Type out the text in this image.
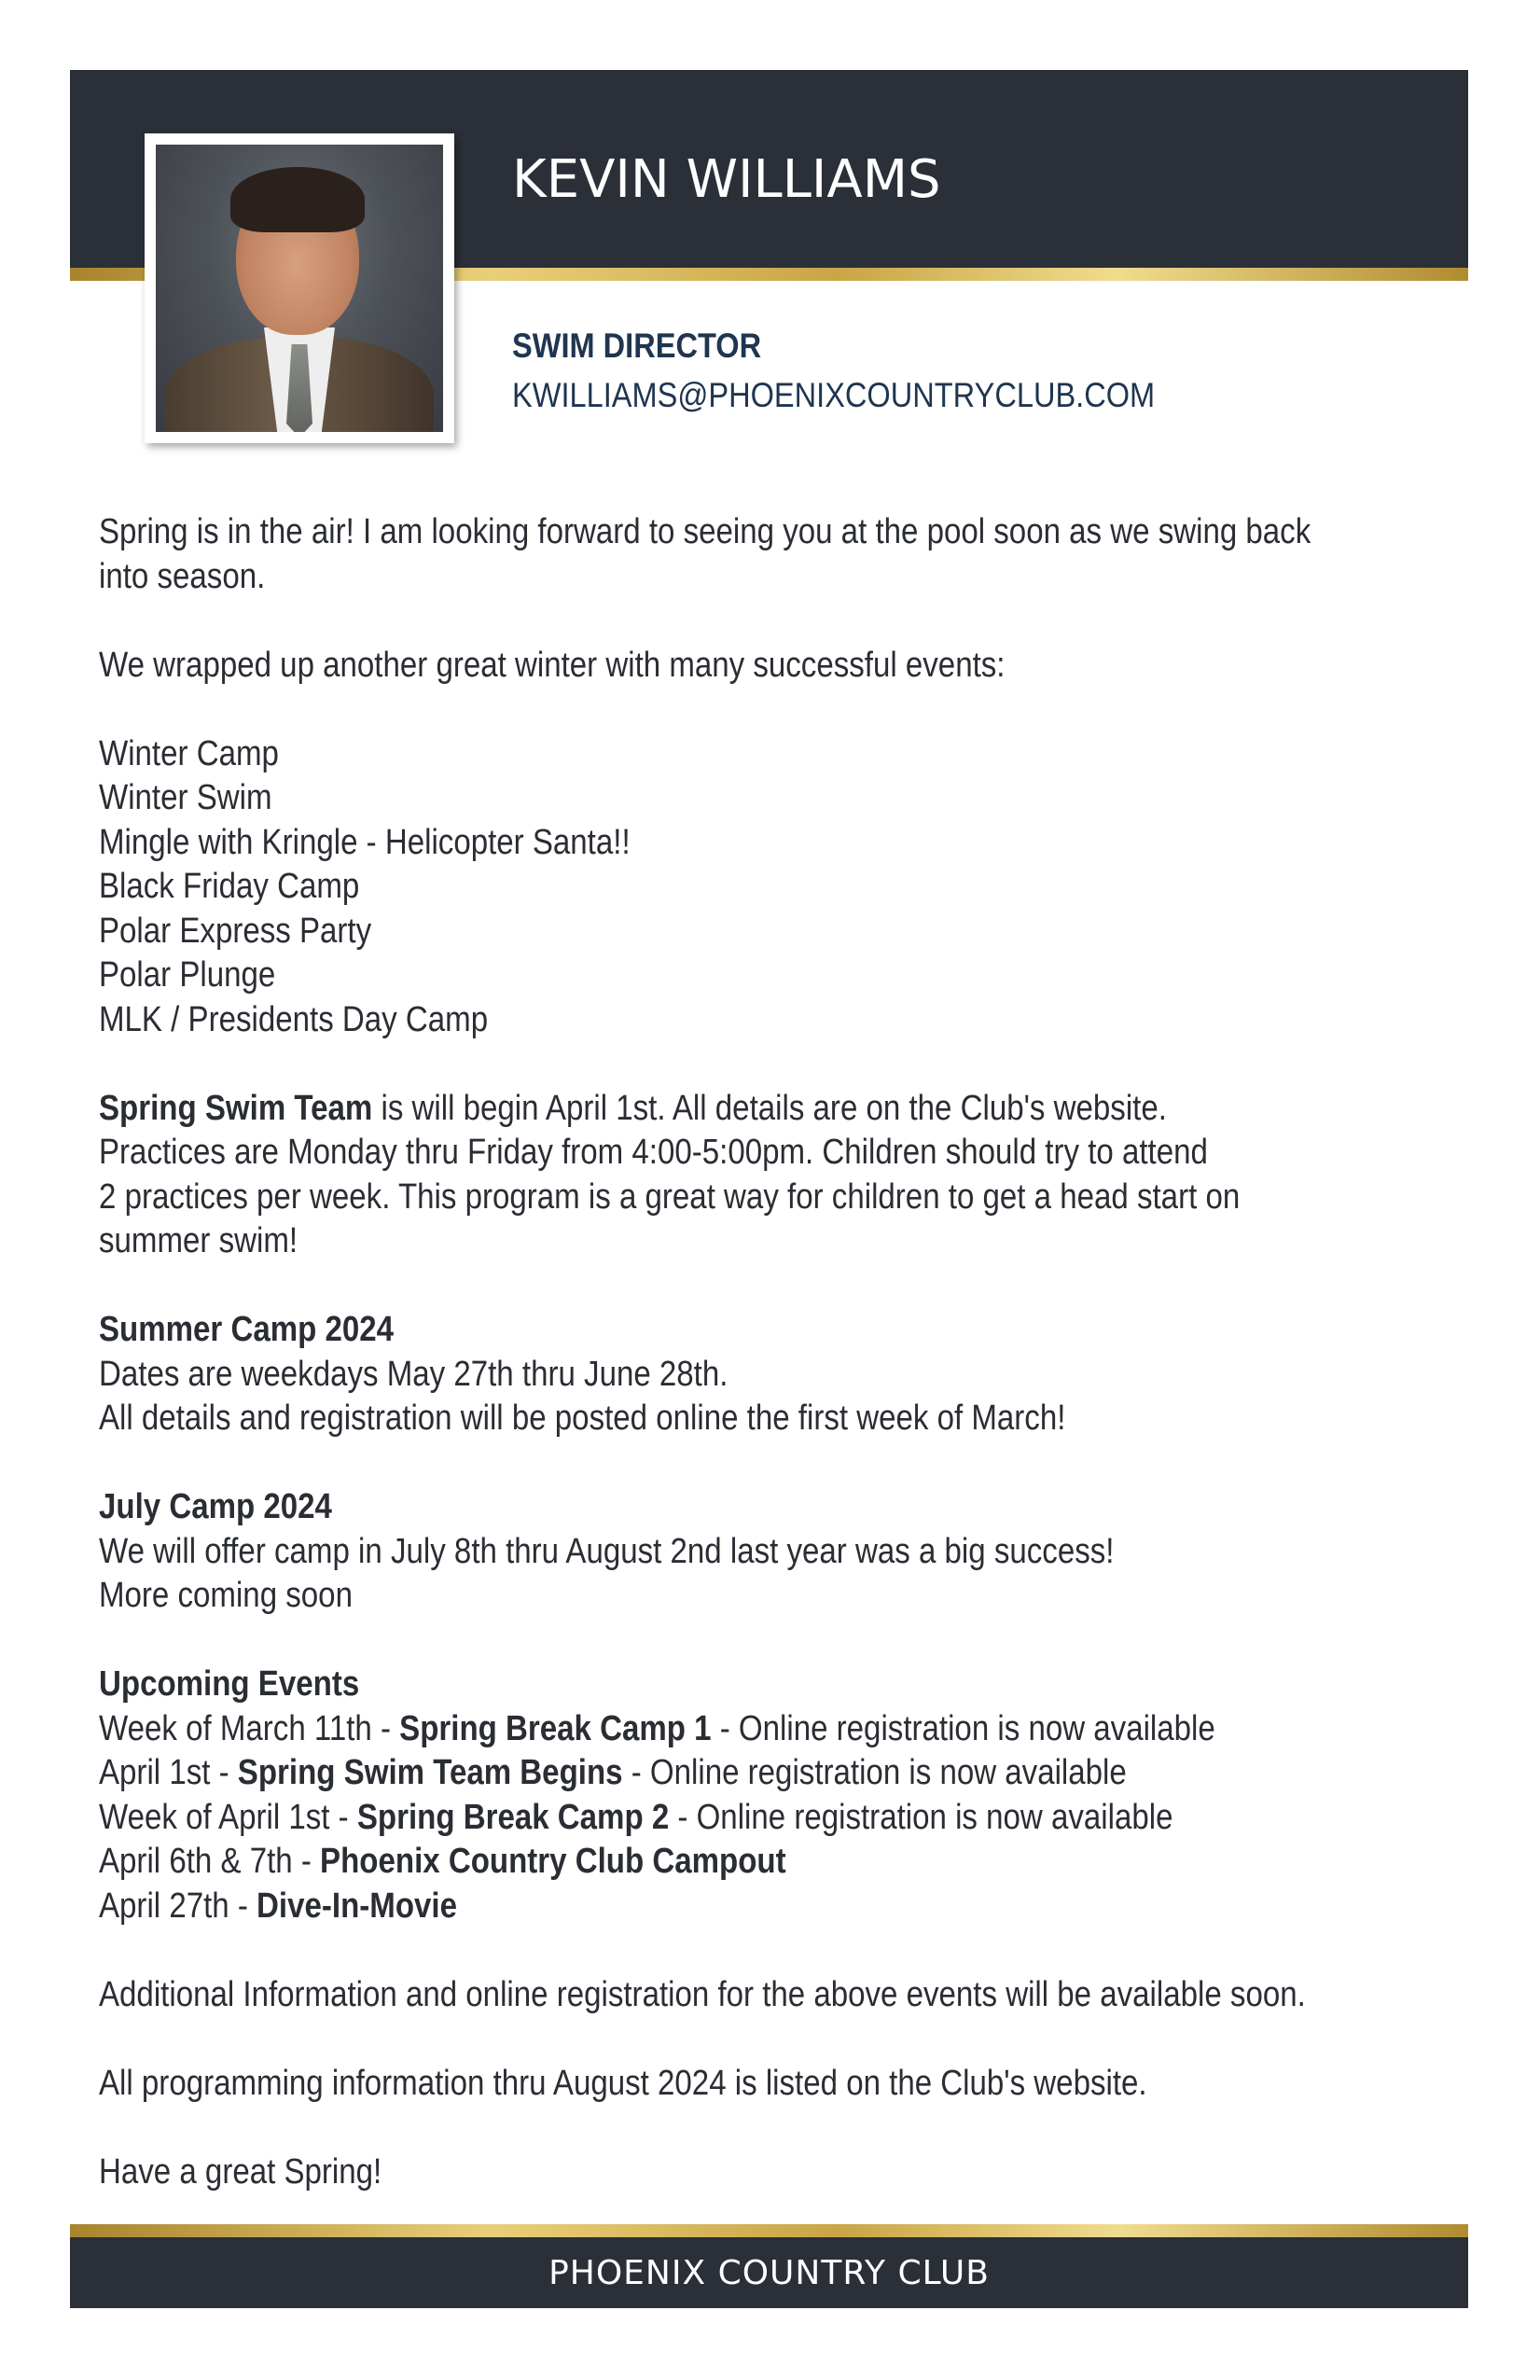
KEVIN WILLIAMS
SWIM DIRECTOR
KWILLIAMS@PHOENIXCOUNTRYCLUB.COM

Spring is in the air! I am looking forward to seeing you at the pool soon as we swing back

into season.

We wrapped up another great winter with many successful events:

Winter Camp

Winter Swim

Mingle with Kringle - Helicopter Santa!!

Black Friday Camp

Polar Express Party

Polar Plunge

MLK / Presidents Day Camp

Spring Swim Team is will begin April 1st. All details are on the Club's website.

Practices are Monday thru Friday from 4:00-5:00pm. Children should try to attend

2 practices per week. This program is a great way for children to get a head start on

summer swim!

Summer Camp 2024

Dates are weekdays May 27th thru June 28th.

All details and registration will be posted online the first week of March!

July Camp 2024

We will offer camp in July 8th thru August 2nd last year was a big success!

More coming soon

Upcoming Events

Week of March 11th - Spring Break Camp 1 - Online registration is now available

April 1st - Spring Swim Team Begins - Online registration is now available

Week of April 1st - Spring Break Camp 2 - Online registration is now available

April 6th & 7th - Phoenix Country Club Campout

April 27th - Dive-In-Movie

Additional Information and online registration for the above events will be available soon.

All programming information thru August 2024 is listed on the Club's website.

Have a great Spring!

PHOENIX COUNTRY CLUB
